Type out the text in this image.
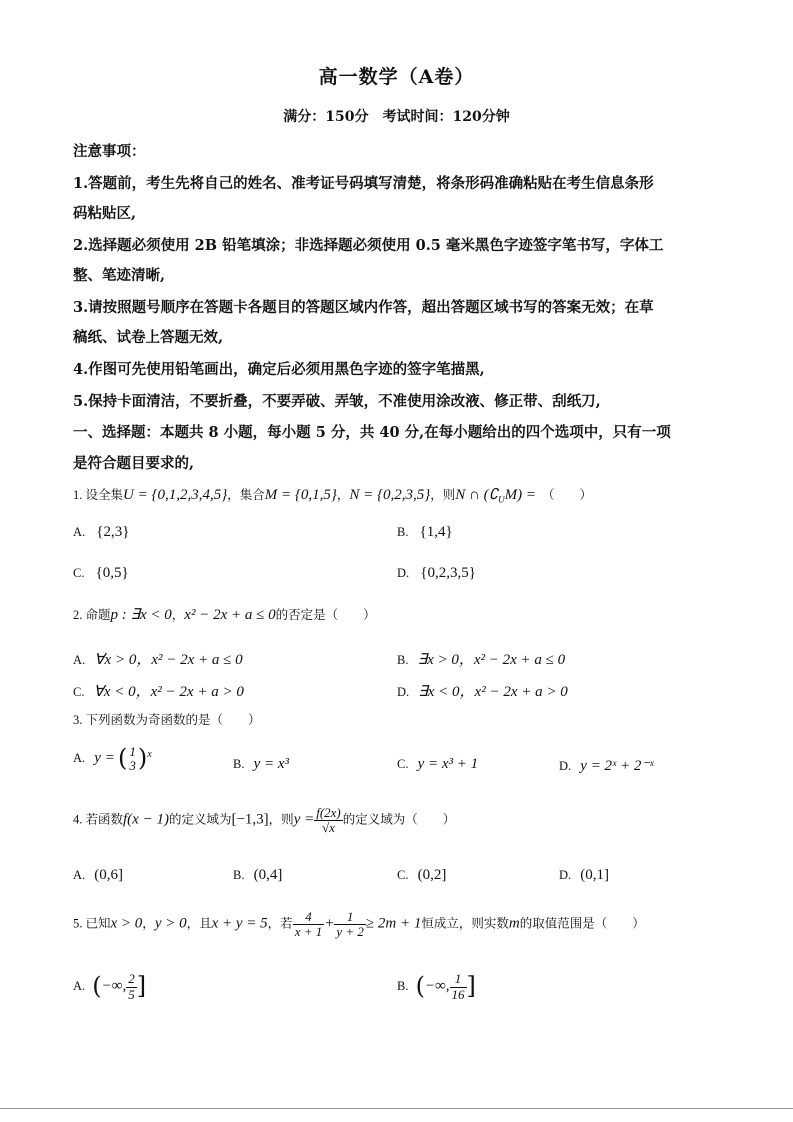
高一数学（A卷）
满分：150分　考试时间：120分钟
注意事项：
1.答题前，考生先将自己的姓名、准考证号码填写清楚，将条形码准确粘贴在考生信息条形
码粘贴区,
2.选择题必须使用 2B 铅笔填涂；非选择题必须使用 0.5 毫米黑色字迹签字笔书写，字体工
整、笔迹清晰,
3.请按照题号顺序在答题卡各题目的答题区域内作答，超出答题区域书写的答案无效；在草
稿纸、试卷上答题无效,
4.作图可先使用铅笔画出，确定后必须用黑色字迹的签字笔描黑,
5.保持卡面清洁，不要折叠，不要弄破、弄皱，不准使用涂改液、修正带、刮纸刀,
一、选择题：本题共 8 小题，每小题 5 分，共 40 分,在每小题给出的四个选项中，只有一项
是符合题目要求的,
1. 设全集U = {0,1,2,3,4,5}，集合M = {0,1,5}，N = {0,2,3,5}，则N ∩ $(∁_UM)$ = （　　）
A. {2,3}	B. {1,4}
C. {0,5}	D. {0,2,3,5}
2. 命题p : ∃x < 0，x² − 2x + a ≤ 0的否定是（　　）
A. ∀x > 0，x² − 2x + a ≤ 0	B. ∃x > 0，x² − 2x + a ≤ 0
C. ∀x < 0，x² − 2x + a > 0	D. ∃x < 0，x² − 2x + a > 0
3. 下列函数为奇函数的是（　　）
A. y = ( 1
3 )$^x$
B. y = x³	C. y = x³ + 1	D. y = 2ˣ + 2⁻ˣ
4. 若函数f(x − 1)的定义域为[−1,3]，则$y = \frac{f(2x)}{√x}$ 的定义域为（　　）
A. (0,6]	B. (0,4]	C. (0,2]	D. (0,1]
5. 已知x > 0，y > 0，且x + y = 5，若 $\frac{4}{x + 1} + \frac{1}{y + 2} \ge 2m + 1$恒成立，则实数m的取值范围是（　　）
A. (−∞, $\frac{2}{5}$ ]	B. (−∞, $\frac{1}{16}$ ]
